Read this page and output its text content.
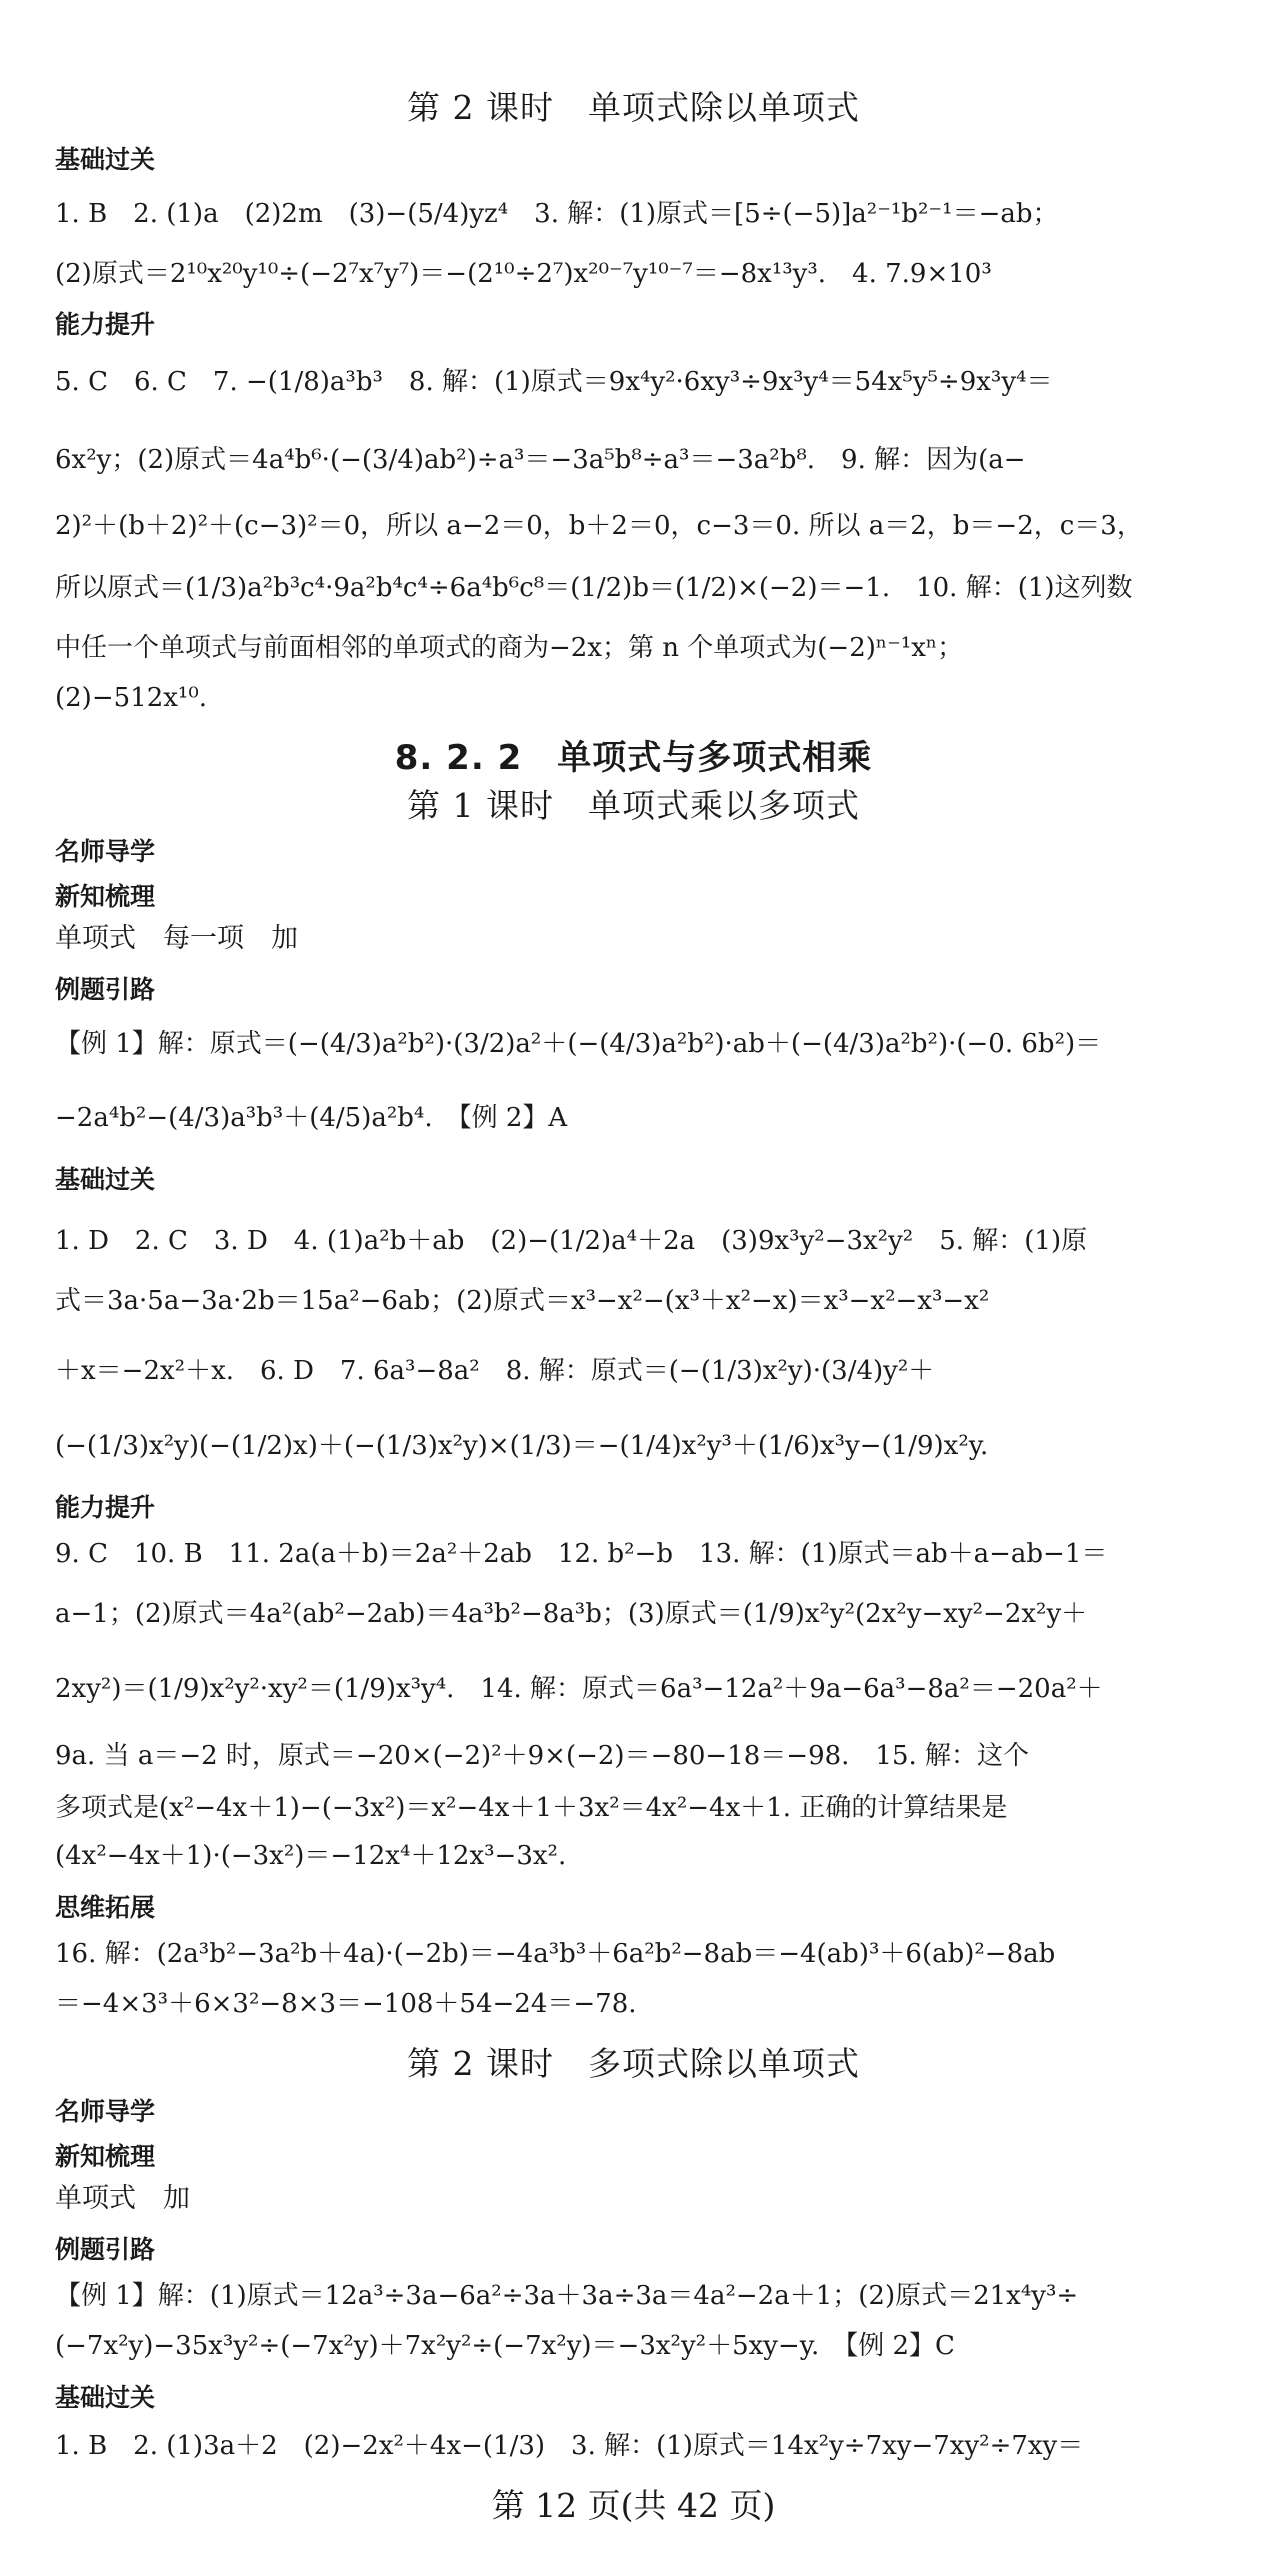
第 2 课时　单项式除以单项式
基础过关
1. B　2. (1)a　(2)2m　(3)−(5/4)yz⁴　3. 解：(1)原式＝[5÷(−5)]a²⁻¹b²⁻¹＝−ab；
(2)原式＝2¹⁰x²⁰y¹⁰÷(−2⁷x⁷y⁷)＝−(2¹⁰÷2⁷)x²⁰⁻⁷y¹⁰⁻⁷＝−8x¹³y³.　4. 7.9×10³
能力提升
5. C　6. C　7. −(1/8)a³b³　8. 解：(1)原式＝9x⁴y²·6xy³÷9x³y⁴＝54x⁵y⁵÷9x³y⁴＝
6x²y；(2)原式＝4a⁴b⁶·(−(3/4)ab²)÷a³＝−3a⁵b⁸÷a³＝−3a²b⁸.　9. 解：因为(a−
2)²＋(b＋2)²＋(c−3)²＝0，所以 a−2＝0，b＋2＝0，c−3＝0. 所以 a＝2，b＝−2，c＝3，
所以原式＝(1/3)a²b³c⁴·9a²b⁴c⁴÷6a⁴b⁶c⁸＝(1/2)b＝(1/2)×(−2)＝−1.　10. 解：(1)这列数
中任一个单项式与前面相邻的单项式的商为−2x；第 n 个单项式为(−2)ⁿ⁻¹xⁿ；
(2)−512x¹⁰.
8. 2. 2　单项式与多项式相乘
第 1 课时　单项式乘以多项式
名师导学
新知梳理
单项式　每一项　加
例题引路
【例 1】解：原式＝(−(4/3)a²b²)·(3/2)a²＋(−(4/3)a²b²)·ab＋(−(4/3)a²b²)·(−0. 6b²)＝
−2a⁴b²−(4/3)a³b³＋(4/5)a²b⁴.　【例 2】A
基础过关
1. D　2. C　3. D　4. (1)a²b＋ab　(2)−(1/2)a⁴＋2a　(3)9x³y²−3x²y²　5. 解：(1)原
式＝3a·5a−3a·2b＝15a²−6ab；(2)原式＝x³−x²−(x³＋x²−x)＝x³−x²−x³−x²
＋x＝−2x²＋x.　6. D　7. 6a³−8a²　8. 解：原式＝(−(1/3)x²y)·(3/4)y²＋
(−(1/3)x²y)(−(1/2)x)＋(−(1/3)x²y)×(1/3)＝−(1/4)x²y³＋(1/6)x³y−(1/9)x²y.
能力提升
9. C　10. B　11. 2a(a＋b)＝2a²＋2ab　12. b²−b　13. 解：(1)原式＝ab＋a−ab−1＝
a−1；(2)原式＝4a²(ab²−2ab)＝4a³b²−8a³b；(3)原式＝(1/9)x²y²(2x²y−xy²−2x²y＋
2xy²)＝(1/9)x²y²·xy²＝(1/9)x³y⁴.　14. 解：原式＝6a³−12a²＋9a−6a³−8a²＝−20a²＋
9a. 当 a＝−2 时，原式＝−20×(−2)²＋9×(−2)＝−80−18＝−98.　15. 解：这个
多项式是(x²−4x＋1)−(−3x²)＝x²−4x＋1＋3x²＝4x²−4x＋1. 正确的计算结果是
(4x²−4x＋1)·(−3x²)＝−12x⁴＋12x³−3x².
思维拓展
16. 解：(2a³b²−3a²b＋4a)·(−2b)＝−4a³b³＋6a²b²−8ab＝−4(ab)³＋6(ab)²−8ab
＝−4×3³＋6×3²−8×3＝−108＋54−24＝−78.
第 2 课时　多项式除以单项式
名师导学
新知梳理
单项式　加
例题引路
【例 1】解：(1)原式＝12a³÷3a−6a²÷3a＋3a÷3a＝4a²−2a＋1；(2)原式＝21x⁴y³÷
(−7x²y)−35x³y²÷(−7x²y)＋7x²y²÷(−7x²y)＝−3x²y²＋5xy−y.　【例 2】C
基础过关
1. B　2. (1)3a＋2　(2)−2x²＋4x−(1/3)　3. 解：(1)原式＝14x²y÷7xy−7xy²÷7xy＝
第 12 页(共 42 页)
